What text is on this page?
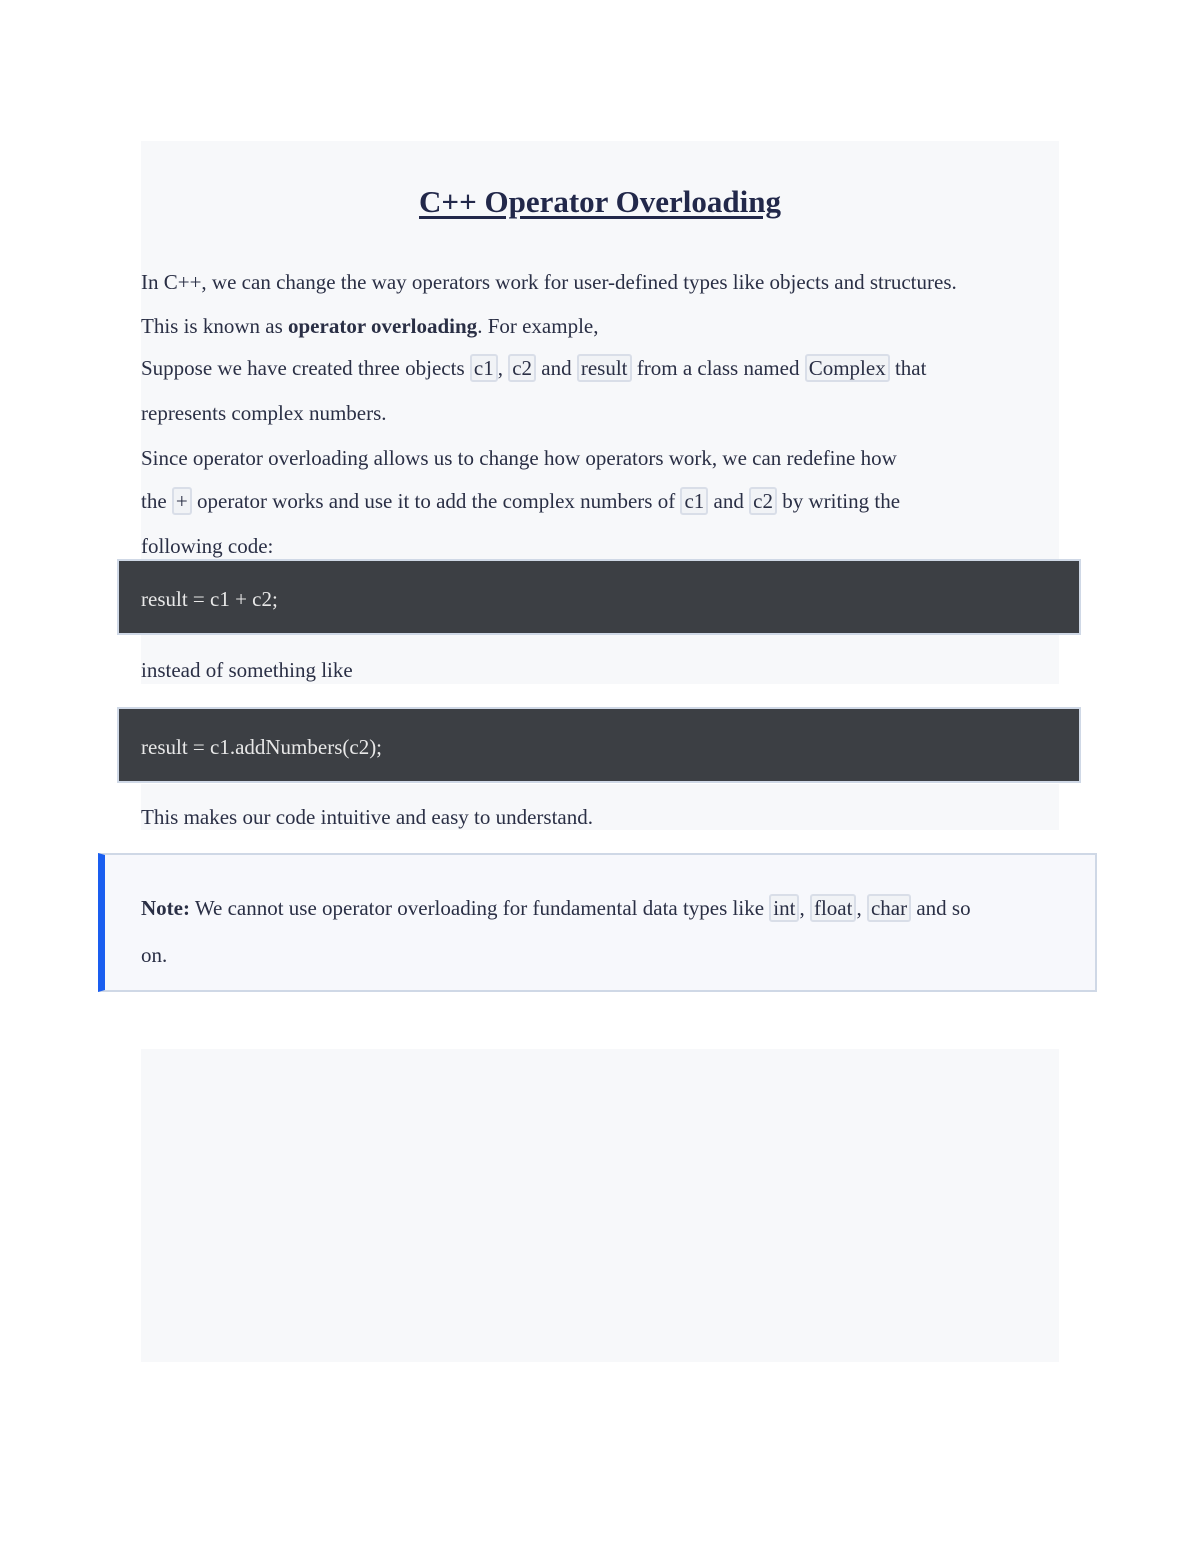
C++ Operator Overloading
In C++, we can change the way operators work for user-defined types like objects and structures.
This is known as operator overloading. For example,
Suppose we have created three objects c1 , c2 and result from a class named Complex that
represents complex numbers.
Since operator overloading allows us to change how operators work, we can redefine how
the + operator works and use it to add the complex numbers of c1 and c2 by writing the
following code:
result = c1 + c2;
instead of something like
result = c1.addNumbers(c2);
This makes our code intuitive and easy to understand.
Note: We cannot use operator overloading for fundamental data types like int , float , char and so
on.
